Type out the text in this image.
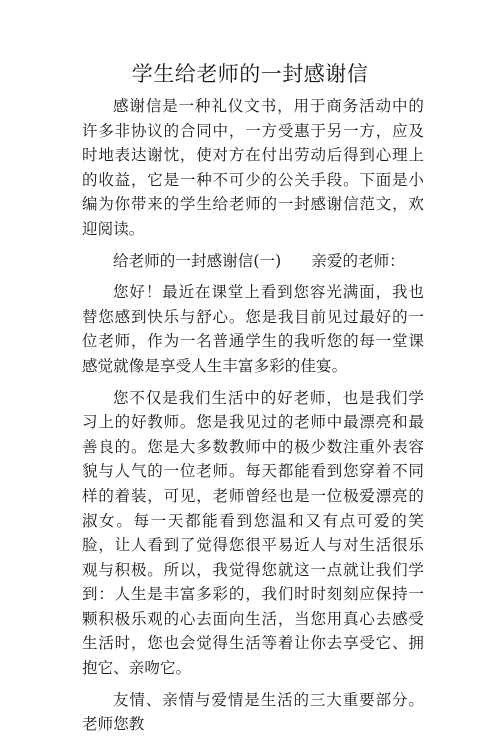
学生给老师的一封感谢信

感谢信是一种礼仪文书，用于商务活动中的许多非协议的合同中，一方受惠于另一方，应及时地表达谢忱，使对方在付出劳动后得到心理上的收益，它是一种不可少的公关手段。下面是小编为你带来的学生给老师的一封感谢信范文，欢迎阅读。

给老师的一封感谢信(一) 亲爱的老师：

您好！最近在课堂上看到您容光满面，我也替您感到快乐与舒心。您是我目前见过最好的一位老师，作为一名普通学生的我听您的每一堂课感觉就像是享受人生丰富多彩的佳宴。

您不仅是我们生活中的好老师，也是我们学习上的好教师。您是我见过的老师中最漂亮和最善良的。您是大多数教师中的极少数注重外表容貌与人气的一位老师。每天都能看到您穿着不同样的着装，可见，老师曾经也是一位极爱漂亮的淑女。每一天都能看到您温和又有点可爱的笑脸，让人看到了觉得您很平易近人与对生活很乐观与积极。所以，我觉得您就这一点就让我们学到：人生是丰富多彩的，我们时时刻刻应保持一颗积极乐观的心去面向生活，当您用真心去感受生活时，您也会觉得生活等着让你去享受它、拥抱它、亲吻它。

友情、亲情与爱情是生活的三大重要部分。老师您教
